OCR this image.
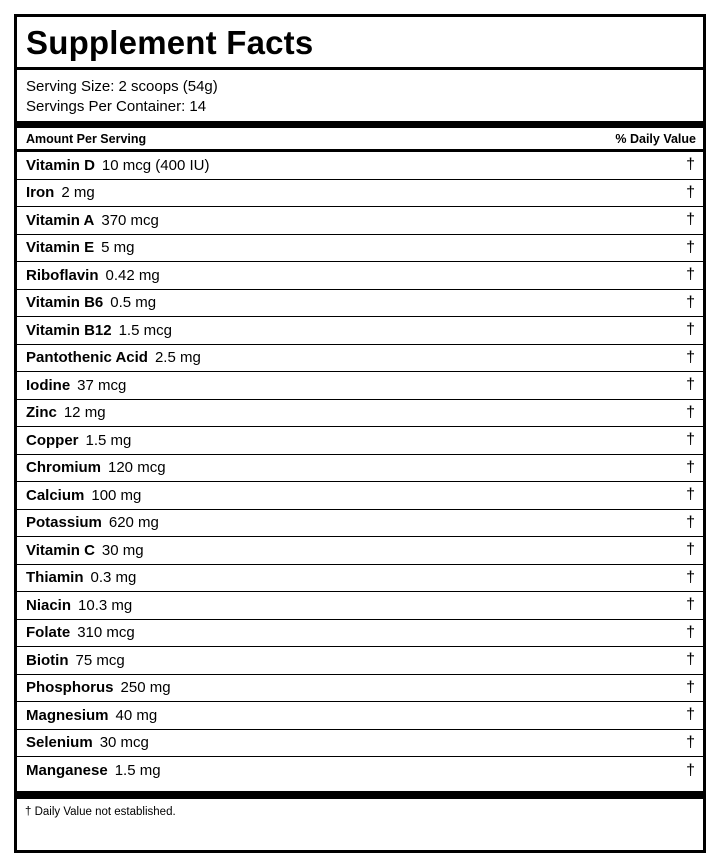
Supplement Facts
Serving Size: 2 scoops (54g)
Servings Per Container: 14
Amount Per Serving	% Daily Value
Vitamin D 10 mcg (400 IU)	†
Iron 2 mg	†
Vitamin A 370 mcg	†
Vitamin E 5 mg	†
Riboflavin 0.42 mg	†
Vitamin B6 0.5 mg	†
Vitamin B12 1.5 mcg	†
Pantothenic Acid 2.5 mg	†
Iodine 37 mcg	†
Zinc 12 mg	†
Copper 1.5 mg	†
Chromium 120 mcg	†
Calcium 100 mg	†
Potassium 620 mg	†
Vitamin C 30 mg	†
Thiamin 0.3 mg	†
Niacin 10.3 mg	†
Folate 310 mcg	†
Biotin 75 mcg	†
Phosphorus 250 mg	†
Magnesium 40 mg	†
Selenium 30 mcg	†
Manganese 1.5 mg	†
† Daily Value not established.
